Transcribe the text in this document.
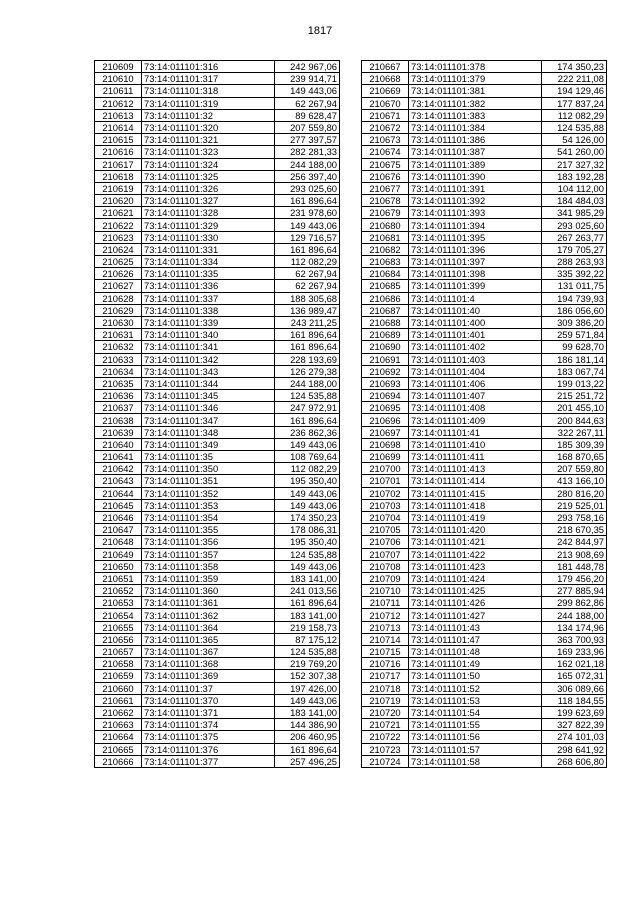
1817
210609	73:14:011101:316	242 967,06
210610	73:14:011101:317	239 914,71
210611	73:14:011101:318	149 443,06
210612	73:14:011101:319	62 267,94
210613	73:14:011101:32	89 628,47
210614	73:14:011101:320	207 559,80
210615	73:14:011101:321	277 397,57
210616	73:14:011101:323	282 281,33
210617	73:14:011101:324	244 188,00
210618	73:14:011101:325	256 397,40
210619	73:14:011101:326	293 025,60
210620	73:14:011101:327	161 896,64
210621	73:14:011101:328	231 978,60
210622	73:14:011101:329	149 443,06
210623	73:14:011101:330	129 716,57
210624	73:14:011101:331	161 896,64
210625	73:14:011101:334	112 082,29
210626	73:14:011101:335	62 267,94
210627	73:14:011101:336	62 267,94
210628	73:14:011101:337	188 305,68
210629	73:14:011101:338	136 989,47
210630	73:14:011101:339	243 211,25
210631	73:14:011101:340	161 896,64
210632	73:14:011101:341	161 896,64
210633	73:14:011101:342	228 193,69
210634	73:14:011101:343	126 279,38
210635	73:14:011101:344	244 188,00
210636	73:14:011101:345	124 535,88
210637	73:14:011101:346	247 972,91
210638	73:14:011101:347	161 896,64
210639	73:14:011101:348	236 862,36
210640	73:14:011101:349	149 443,06
210641	73:14:011101:35	108 769,64
210642	73:14:011101:350	112 082,29
210643	73:14:011101:351	195 350,40
210644	73:14:011101:352	149 443,06
210645	73:14:011101:353	149 443,06
210646	73:14:011101:354	174 350,23
210647	73:14:011101:355	178 086,31
210648	73:14:011101:356	195 350,40
210649	73:14:011101:357	124 535,88
210650	73:14:011101:358	149 443,06
210651	73:14:011101:359	183 141,00
210652	73:14:011101:360	241 013,56
210653	73:14:011101:361	161 896,64
210654	73:14:011101:362	183 141,00
210655	73:14:011101:364	219 158,73
210656	73:14:011101:365	87 175,12
210657	73:14:011101:367	124 535,88
210658	73:14:011101:368	219 769,20
210659	73:14:011101:369	152 307,38
210660	73:14:011101:37	197 426,00
210661	73:14:011101:370	149 443,06
210662	73:14:011101:371	183 141,00
210663	73:14:011101:374	144 386,90
210664	73:14:011101:375	206 460,95
210665	73:14:011101:376	161 896,64
210666	73:14:011101:377	257 496,25
210667	73:14:011101:378	174 350,23
210668	73:14:011101:379	222 211,08
210669	73:14:011101:381	194 129,46
210670	73:14:011101:382	177 837,24
210671	73:14:011101:383	112 082,29
210672	73:14:011101:384	124 535,88
210673	73:14:011101:386	54 126,00
210674	73:14:011101:387	541 260,00
210675	73:14:011101:389	217 327,32
210676	73:14:011101:390	183 192,28
210677	73:14:011101:391	104 112,00
210678	73:14:011101:392	184 484,03
210679	73:14:011101:393	341 985,29
210680	73:14:011101:394	293 025,60
210681	73:14:011101:395	267 263,77
210682	73:14:011101:396	179 705,27
210683	73:14:011101:397	288 263,93
210684	73:14:011101:398	335 392,22
210685	73:14:011101:399	131 011,75
210686	73:14:011101:4	194 739,93
210687	73:14:011101:40	186 056,60
210688	73:14:011101:400	309 386,20
210689	73:14:011101:401	259 571,84
210690	73:14:011101:402	99 628,70
210691	73:14:011101:403	186 181,14
210692	73:14:011101:404	183 067,74
210693	73:14:011101:406	199 013,22
210694	73:14:011101:407	215 251,72
210695	73:14:011101:408	201 455,10
210696	73:14:011101:409	200 844,63
210697	73:14:011101:41	322 267,11
210698	73:14:011101:410	185 309,39
210699	73:14:011101:411	168 870,65
210700	73:14:011101:413	207 559,80
210701	73:14:011101:414	413 166,10
210702	73:14:011101:415	280 816,20
210703	73:14:011101:418	219 525,01
210704	73:14:011101:419	293 758,16
210705	73:14:011101:420	218 670,35
210706	73:14:011101:421	242 844,97
210707	73:14:011101:422	213 908,69
210708	73:14:011101:423	181 448,78
210709	73:14:011101:424	179 456,20
210710	73:14:011101:425	277 885,94
210711	73:14:011101:426	299 862,86
210712	73:14:011101:427	244 188,00
210713	73:14:011101:43	134 174,96
210714	73:14:011101:47	363 700,93
210715	73:14:011101:48	169 233,96
210716	73:14:011101:49	162 021,18
210717	73:14:011101:50	165 072,31
210718	73:14:011101:52	306 089,66
210719	73:14:011101:53	118 184,55
210720	73:14:011101:54	199 623,69
210721	73:14:011101:55	327 822,39
210722	73:14:011101:56	274 101,03
210723	73:14:011101:57	298 641,92
210724	73:14:011101:58	268 606,80
